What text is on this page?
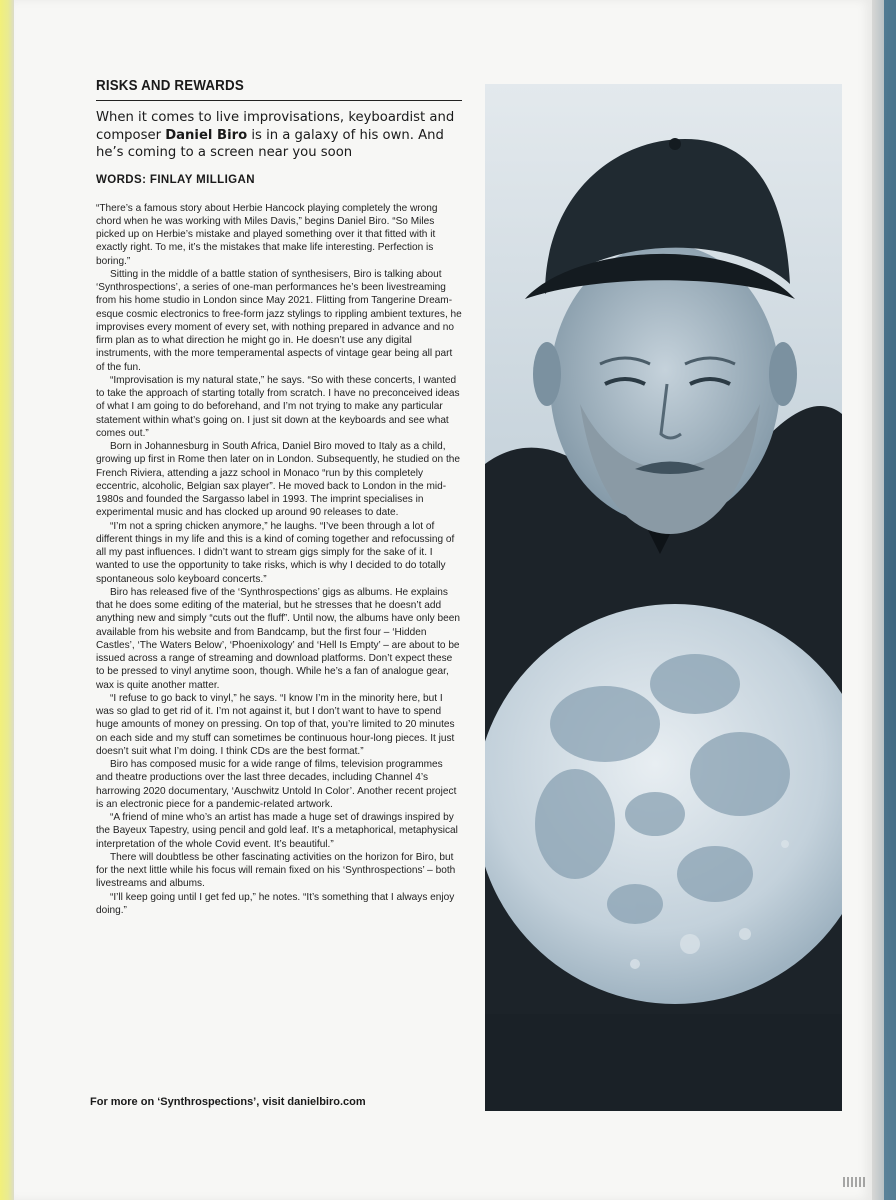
RISKS AND REWARDS

When it comes to live improvisations, keyboardist and composer Daniel Biro is in a galaxy of his own. And he’s coming to a screen near you soon

WORDS: FINLAY MILLIGAN

“There’s a famous story about Herbie Hancock playing completely the wrong chord when he was working with Miles Davis,” begins Daniel Biro. “So Miles picked up on Herbie’s mistake and played something over it that fitted with it exactly right. To me, it’s the mistakes that make life interesting. Perfection is boring.”

Sitting in the middle of a battle station of synthesisers, Biro is talking about ‘Synthrospections’, a series of one-man performances he’s been livestreaming from his home studio in London since May 2021. Flitting from Tangerine Dream-esque cosmic electronics to free-form jazz stylings to rippling ambient textures, he improvises every moment of every set, with nothing prepared in advance and no firm plan as to what direction he might go in. He doesn’t use any digital instruments, with the more temperamental aspects of vintage gear being all part of the fun.

“Improvisation is my natural state,” he says. “So with these concerts, I wanted to take the approach of starting totally from scratch. I have no preconceived ideas of what I am going to do beforehand, and I’m not trying to make any particular statement within what’s going on. I just sit down at the keyboards and see what comes out.”

Born in Johannesburg in South Africa, Daniel Biro moved to Italy as a child, growing up first in Rome then later on in London. Subsequently, he studied on the French Riviera, attending a jazz school in Monaco “run by this completely eccentric, alcoholic, Belgian sax player”. He moved back to London in the mid-1980s and founded the Sargasso label in 1993. The imprint specialises in experimental music and has clocked up around 90 releases to date.

“I’m not a spring chicken anymore,” he laughs. “I’ve been through a lot of different things in my life and this is a kind of coming together and refocussing of all my past influences. I didn’t want to stream gigs simply for the sake of it. I wanted to use the opportunity to take risks, which is why I decided to do totally spontaneous solo keyboard concerts.”

Biro has released five of the ‘Synthrospections’ gigs as albums. He explains that he does some editing of the material, but he stresses that he doesn’t add anything new and simply “cuts out the fluff”. Until now, the albums have only been available from his website and from Bandcamp, but the first four – ‘Hidden Castles’, ‘The Waters Below’, ‘Phoenixology’ and ‘Hell Is Empty’ – are about to be issued across a range of streaming and download platforms. Don’t expect these to be pressed to vinyl anytime soon, though. While he’s a fan of analogue gear, wax is quite another matter.

“I refuse to go back to vinyl,” he says. “I know I’m in the minority here, but I was so glad to get rid of it. I’m not against it, but I don’t want to have to spend huge amounts of money on pressing. On top of that, you’re limited to 20 minutes on each side and my stuff can sometimes be continuous hour-long pieces. It just doesn’t suit what I’m doing. I think CDs are the best format.”

Biro has composed music for a wide range of films, television programmes and theatre productions over the last three decades, including Channel 4’s harrowing 2020 documentary, ‘Auschwitz Untold In Color’. Another recent project is an electronic piece for a pandemic-related artwork.

“A friend of mine who’s an artist has made a huge set of drawings inspired by the Bayeux Tapestry, using pencil and gold leaf. It’s a metaphorical, metaphysical interpretation of the whole Covid event. It’s beautiful.”

There will doubtless be other fascinating activities on the horizon for Biro, but for the next little while his focus will remain fixed on his ‘Synthrospections’ – both livestreams and albums.

“I’ll keep going until I get fed up,” he notes. “It’s something that I always enjoy doing.”

For more on ‘Synthrospections’, visit danielbiro.com
